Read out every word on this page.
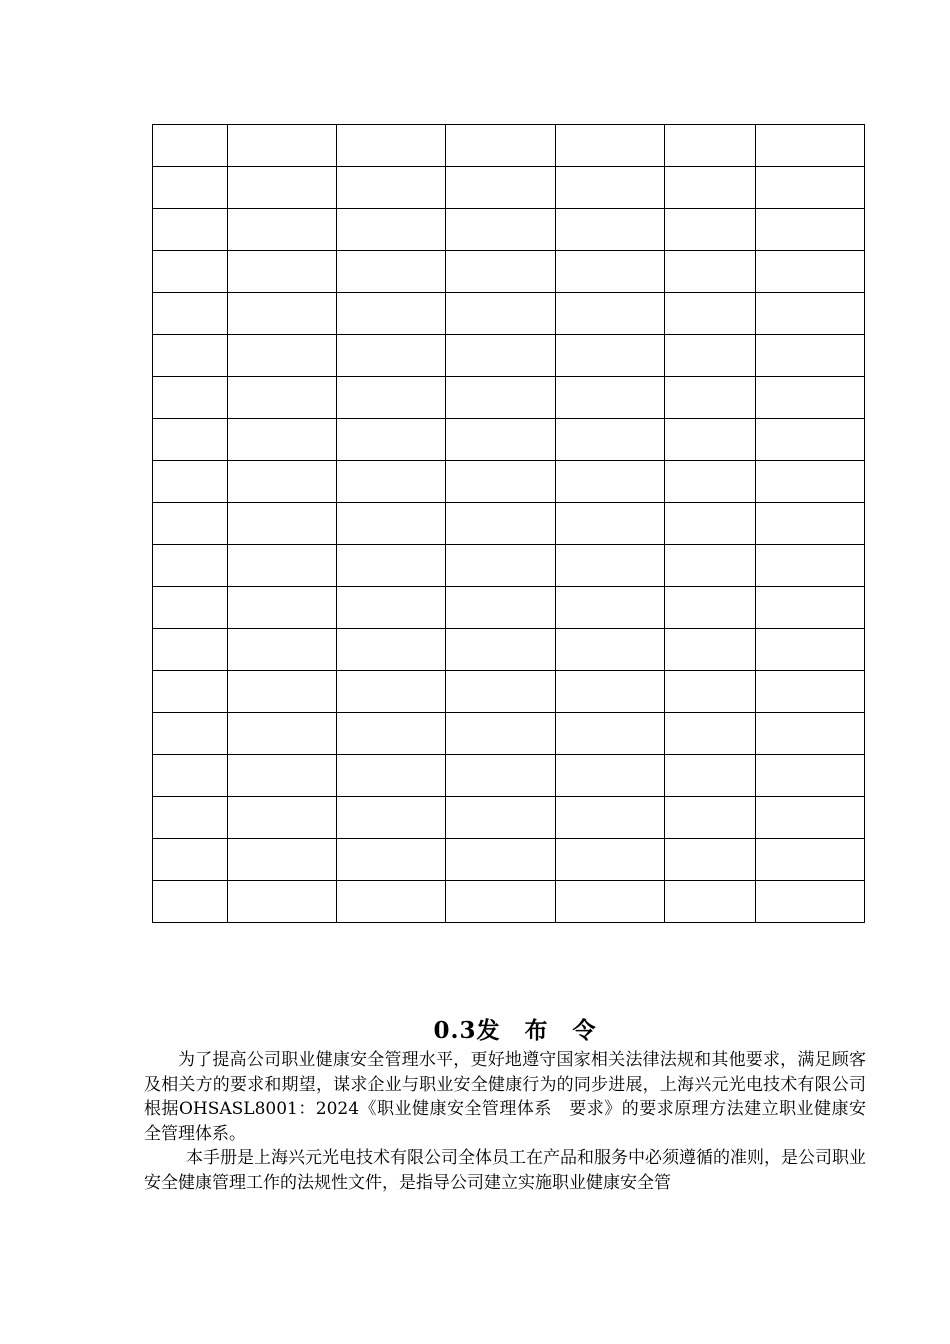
0.3发　布　令

为了提高公司职业健康安全管理水平，更好地遵守国家相关法律法规和其他要求，满足顾客及相关方的要求和期望，谋求企业与职业安全健康行为的同步进展，上海兴元光电技术有限公司根据OHSASL8001：2024《职业健康安全管理体系　要求》的要求原理方法建立职业健康安全管理体系。

本手册是上海兴元光电技术有限公司全体员工在产品和服务中必须遵循的准则，是公司职业安全健康管理工作的法规性文件，是指导公司建立实施职业健康安全管
